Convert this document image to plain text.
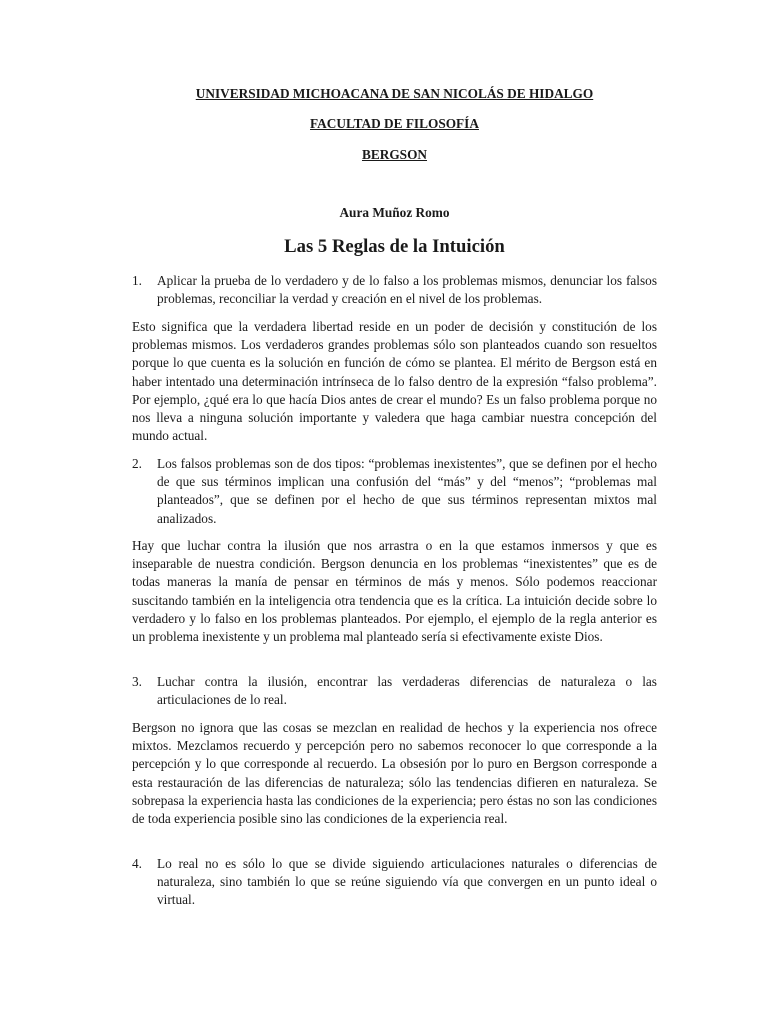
UNIVERSIDAD MICHOACANA DE SAN NICOLÁS DE HIDALGO

FACULTAD DE FILOSOFÍA

BERGSON

Aura Muñoz Romo
Las 5 Reglas de la Intuición
1. Aplicar la prueba de lo verdadero y de lo falso a los problemas mismos, denunciar los falsos problemas, reconciliar la verdad y creación en el nivel de los problemas.
Esto significa que la verdadera libertad reside en un poder de decisión y constitución de los problemas mismos. Los verdaderos grandes problemas sólo son planteados cuando son resueltos porque lo que cuenta es la solución en función de cómo se plantea. El mérito de Bergson está en haber intentado una determinación intrínseca de lo falso dentro de la expresión “falso problema”. Por ejemplo, ¿qué era lo que hacía Dios antes de crear el mundo? Es un falso problema porque no nos lleva a ninguna solución importante y valedera que haga cambiar nuestra concepción del mundo actual.
2. Los falsos problemas son de dos tipos: “problemas inexistentes”, que se definen por el hecho de que sus términos implican una confusión del “más” y del “menos”; “problemas mal planteados”, que se definen por el hecho de que sus términos representan mixtos mal analizados.
Hay que luchar contra la ilusión que nos arrastra o en la que estamos inmersos y que es inseparable de nuestra condición. Bergson denuncia en los problemas “inexistentes” que es de todas maneras la manía de pensar en términos de más y menos. Sólo podemos reaccionar suscitando también en la inteligencia otra tendencia que es la crítica. La intuición decide sobre lo verdadero y lo falso en los problemas planteados. Por ejemplo, el ejemplo de la regla anterior es un problema inexistente y un problema mal planteado sería si efectivamente existe Dios.
3. Luchar contra la ilusión, encontrar las verdaderas diferencias de naturaleza o las articulaciones de lo real.
Bergson no ignora que las cosas se mezclan en realidad de hechos y la experiencia nos ofrece mixtos. Mezclamos recuerdo y percepción pero no sabemos reconocer lo que corresponde a la percepción y lo que corresponde al recuerdo. La obsesión por lo puro en Bergson corresponde a esta restauración de las diferencias de naturaleza; sólo las tendencias difieren en naturaleza. Se sobrepasa la experiencia hasta las condiciones de la experiencia; pero éstas no son las condiciones de toda experiencia posible sino las condiciones de la experiencia real.
4. Lo real no es sólo lo que se divide siguiendo articulaciones naturales o diferencias de naturaleza, sino también lo que se reúne siguiendo vía que convergen en un punto ideal o virtual.
